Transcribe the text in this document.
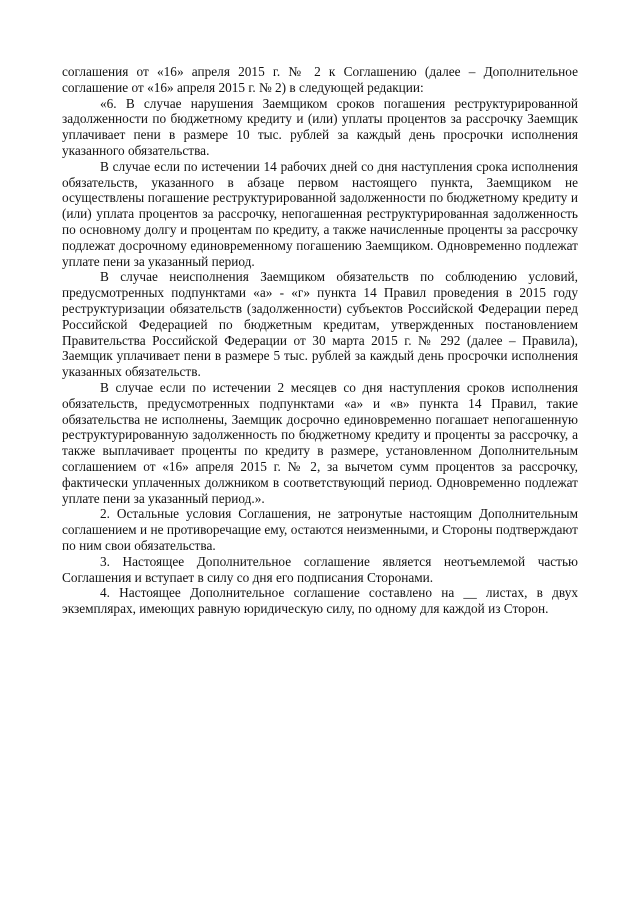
соглашения от «16» апреля 2015 г. № 2 к Соглашению (далее – Дополнительное соглашение от «16» апреля 2015 г. № 2) в следующей редакции:

«6. В случае нарушения Заемщиком сроков погашения реструктурированной задолженности по бюджетному кредиту и (или) уплаты процентов за рассрочку Заемщик уплачивает пени в размере 10 тыс. рублей за каждый день просрочки исполнения указанного обязательства.

В случае если по истечении 14 рабочих дней со дня наступления срока исполнения обязательств, указанного в абзаце первом настоящего пункта, Заемщиком не осуществлены погашение реструктурированной задолженности по бюджетному кредиту и (или) уплата процентов за рассрочку, непогашенная реструктурированная задолженность по основному долгу и процентам по кредиту, а также начисленные проценты за рассрочку подлежат досрочному единовременному погашению Заемщиком. Одновременно подлежат уплате пени за указанный период.

В случае неисполнения Заемщиком обязательств по соблюдению условий, предусмотренных подпунктами «а» - «г» пункта 14 Правил проведения в 2015 году реструктуризации обязательств (задолженности) субъектов Российской Федерации перед Российской Федерацией по бюджетным кредитам, утвержденных постановлением Правительства Российской Федерации от 30 марта 2015 г. № 292 (далее – Правила), Заемщик уплачивает пени в размере 5 тыс. рублей за каждый день просрочки исполнения указанных обязательств.

В случае если по истечении 2 месяцев со дня наступления сроков исполнения обязательств, предусмотренных подпунктами «а» и «в» пункта 14 Правил, такие обязательства не исполнены, Заемщик досрочно единовременно погашает непогашенную реструктурированную задолженность по бюджетному кредиту и проценты за рассрочку, а также выплачивает проценты по кредиту в размере, установленном Дополнительным соглашением от «16» апреля 2015 г. № 2, за вычетом сумм процентов за рассрочку, фактически уплаченных должником в соответствующий период. Одновременно подлежат уплате пени за указанный период.».

2. Остальные условия Соглашения, не затронутые настоящим Дополнительным соглашением и не противоречащие ему, остаются неизменными, и Стороны подтверждают по ним свои обязательства.

3. Настоящее Дополнительное соглашение является неотъемлемой частью Соглашения и вступает в силу со дня его подписания Сторонами.

4. Настоящее Дополнительное соглашение составлено на __ листах, в двух экземплярах, имеющих равную юридическую силу, по одному для каждой из Сторон.
